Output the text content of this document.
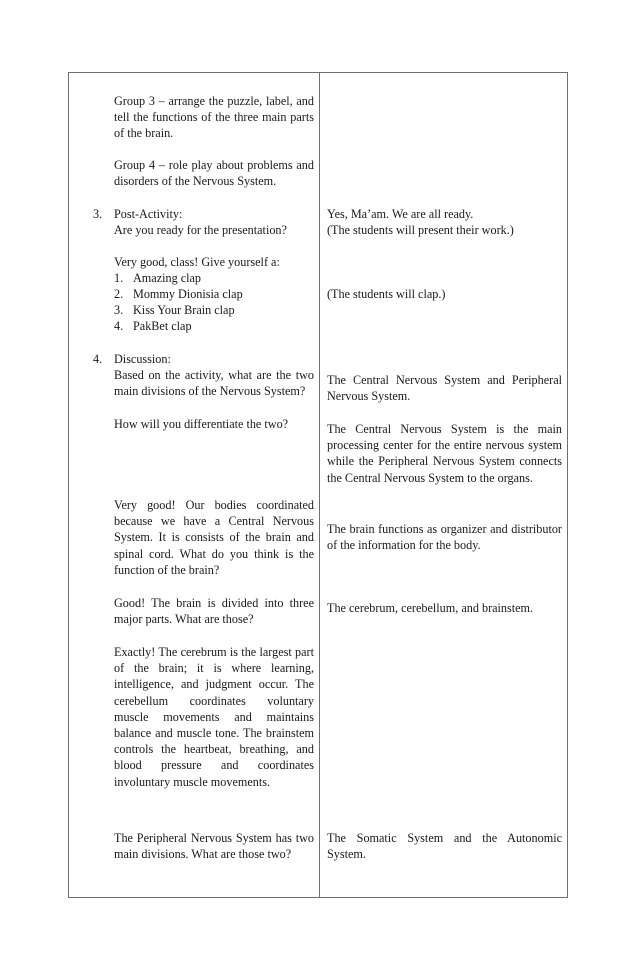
Group 3 – arrange the puzzle, label, and tell the functions of the three main parts of the brain.

Group 4 – role play about problems and disorders of the Nervous System.

3. Post-Activity:

Are you ready for the presentation?

Very good, class! Give yourself a:

1. Amazing clap

2. Mommy Dionisia clap

3. Kiss Your Brain clap

4. PakBet clap

4. Discussion:

Based on the activity, what are the two main divisions of the Nervous System?

How will you differentiate the two?

Very good! Our bodies coordinated because we have a Central Nervous System. It is consists of the brain and spinal cord. What do you think is the function of the brain?

Good! The brain is divided into three major parts. What are those?

Exactly! The cerebrum is the largest part of the brain; it is where learning, intelligence, and judgment occur. The cerebellum coordinates voluntary muscle movements and maintains balance and muscle tone. The brainstem controls the heartbeat, breathing, and blood pressure and coordinates involuntary muscle movements.

The Peripheral Nervous System has two main divisions. What are those two?

Yes, Ma’am. We are all ready.

(The students will present their work.)

(The students will clap.)

The Central Nervous System and Peripheral Nervous System.

The Central Nervous System is the main processing center for the entire nervous system while the Peripheral Nervous System connects the Central Nervous System to the organs.

The brain functions as organizer and distributor of the information for the body.

The cerebrum, cerebellum, and brainstem.

The Somatic System and the Autonomic System.
